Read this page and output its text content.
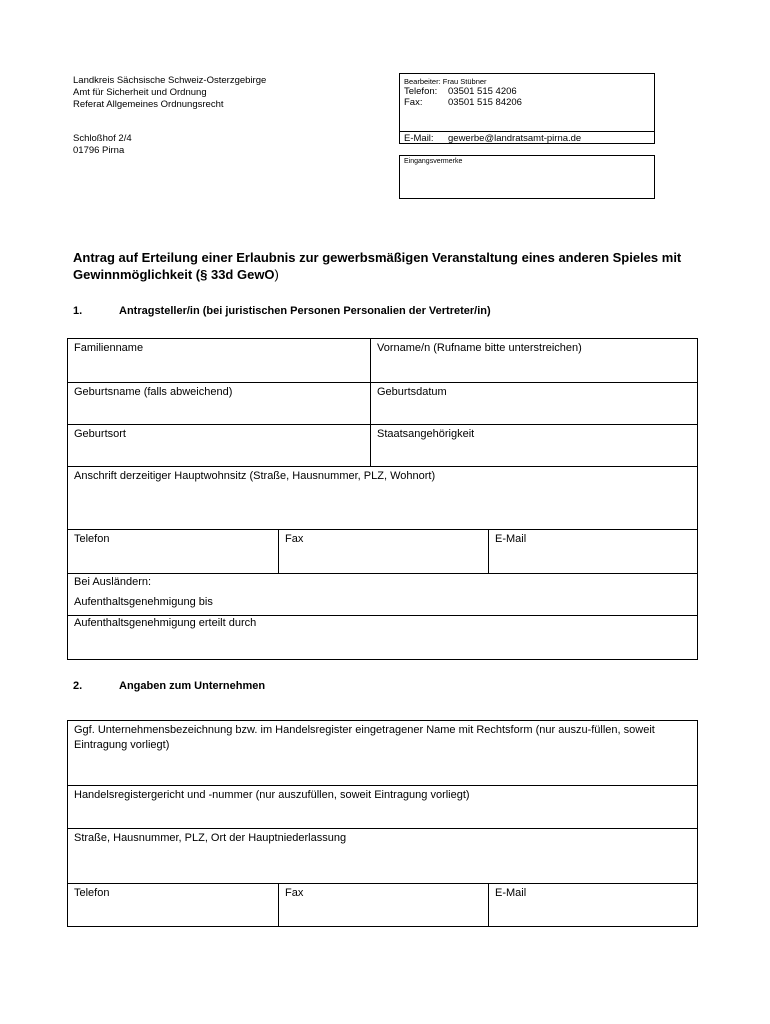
Landkreis Sächsische Schweiz-Osterzgebirge
Amt für Sicherheit und Ordnung
Referat Allgemeines Ordnungsrecht
Schloßhof 2/4
01796 Pirna
Bearbeiter: Frau Stübner
Telefon: 03501 515 4206
Fax:	03501 515 84206
E-Mail: gewerbe@landratsamt-pirna.de
Eingangsvermerke
Antrag auf Erteilung einer Erlaubnis zur gewerbsmäßigen Veranstaltung eines anderen Spieles mit Gewinnmöglichkeit (§ 33d GewO)
1.	Antragsteller/in (bei juristischen Personen Personalien der Vertreter/in)
Familienname	Vorname/n (Rufname bitte unterstreichen)
Geburtsname (falls abweichend)	Geburtsdatum
Geburtsort	Staatsangehörigkeit
Anschrift derzeitiger Hauptwohnsitz (Straße, Hausnummer, PLZ, Wohnort)
Telefon	Fax	E-Mail
Bei Ausländern:
Aufenthaltsgenehmigung bis
Aufenthaltsgenehmigung erteilt durch
2.	Angaben zum Unternehmen
Ggf. Unternehmensbezeichnung bzw. im Handelsregister eingetragener Name mit Rechtsform (nur auszu-füllen, soweit Eintragung vorliegt)
Handelsregistergericht und -nummer (nur auszufüllen, soweit Eintragung vorliegt)
Straße, Hausnummer, PLZ, Ort der Hauptniederlassung
Telefon	Fax	E-Mail
